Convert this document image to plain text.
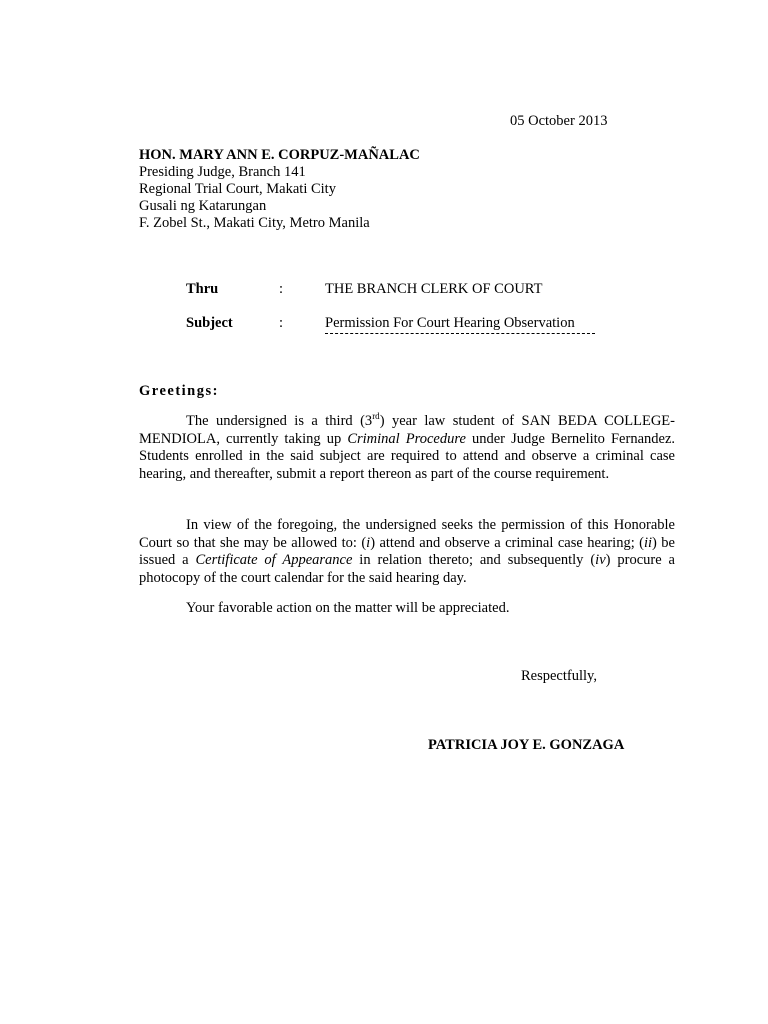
05 October 2013
HON. MARY ANN E. CORPUZ-MAÑALAC
Presiding Judge, Branch 141
Regional Trial Court, Makati City
Gusali ng Katarungan
F. Zobel St., Makati City, Metro Manila
Thru	:	THE BRANCH CLERK OF COURT
Subject	:	Permission For Court Hearing Observation
Greetings:

The undersigned is a third (3rd) year law student of SAN BEDA COLLEGE-MENDIOLA, currently taking up Criminal Procedure under Judge Bernelito Fernandez. Students enrolled in the said subject are required to attend and observe a criminal case hearing, and thereafter, submit a report thereon as part of the course requirement.

In view of the foregoing, the undersigned seeks the permission of this Honorable Court so that she may be allowed to: (i) attend and observe a criminal case hearing; (ii) be issued a Certificate of Appearance in relation thereto; and subsequently (iv) procure a photocopy of the court calendar for the said hearing day.

Your favorable action on the matter will be appreciated.

Respectfully,
PATRICIA JOY E. GONZAGA
